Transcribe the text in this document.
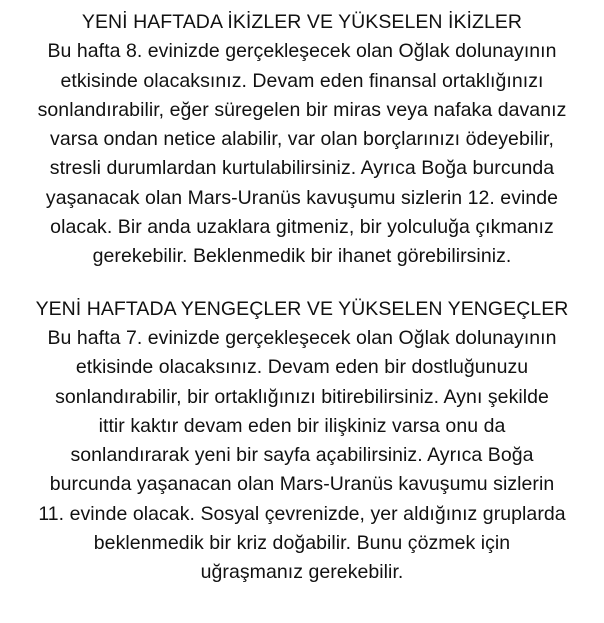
YENİ HAFTADA İKİZLER VE YÜKSELEN İKİZLER
Bu hafta 8. evinizde gerçekleşecek olan Oğlak dolunayının
etkisinde olacaksınız. Devam eden finansal ortaklığınızı
sonlandırabilir, eğer süregelen bir miras veya nafaka davanız
varsa ondan netice alabilir, var olan borçlarınızı ödeyebilir,
stresli durumlardan kurtulabilirsiniz. Ayrıca Boğa burcunda
yaşanacak olan Mars-Uranüs kavuşumu sizlerin 12. evinde
olacak. Bir anda uzaklara gitmeniz, bir yolculuğa çıkmanız
gerekebilir. Beklenmedik bir ihanet görebilirsiniz.
YENİ HAFTADA YENGEÇLER VE YÜKSELEN YENGEÇLER
Bu hafta 7. evinizde gerçekleşecek olan Oğlak dolunayının
etkisinde olacaksınız. Devam eden bir dostluğunuzu
sonlandırabilir, bir ortaklığınızı bitirebilirsiniz. Aynı şekilde
ittir kaktır devam eden bir ilişkiniz varsa onu da
sonlandırarak yeni bir sayfa açabilirsiniz. Ayrıca Boğa
burcunda yaşanacan olan Mars-Uranüs kavuşumu sizlerin
11. evinde olacak. Sosyal çevrenizde, yer aldığınız gruplarda
beklenmedik bir kriz doğabilir. Bunu çözmek için
uğraşmanız gerekebilir.
